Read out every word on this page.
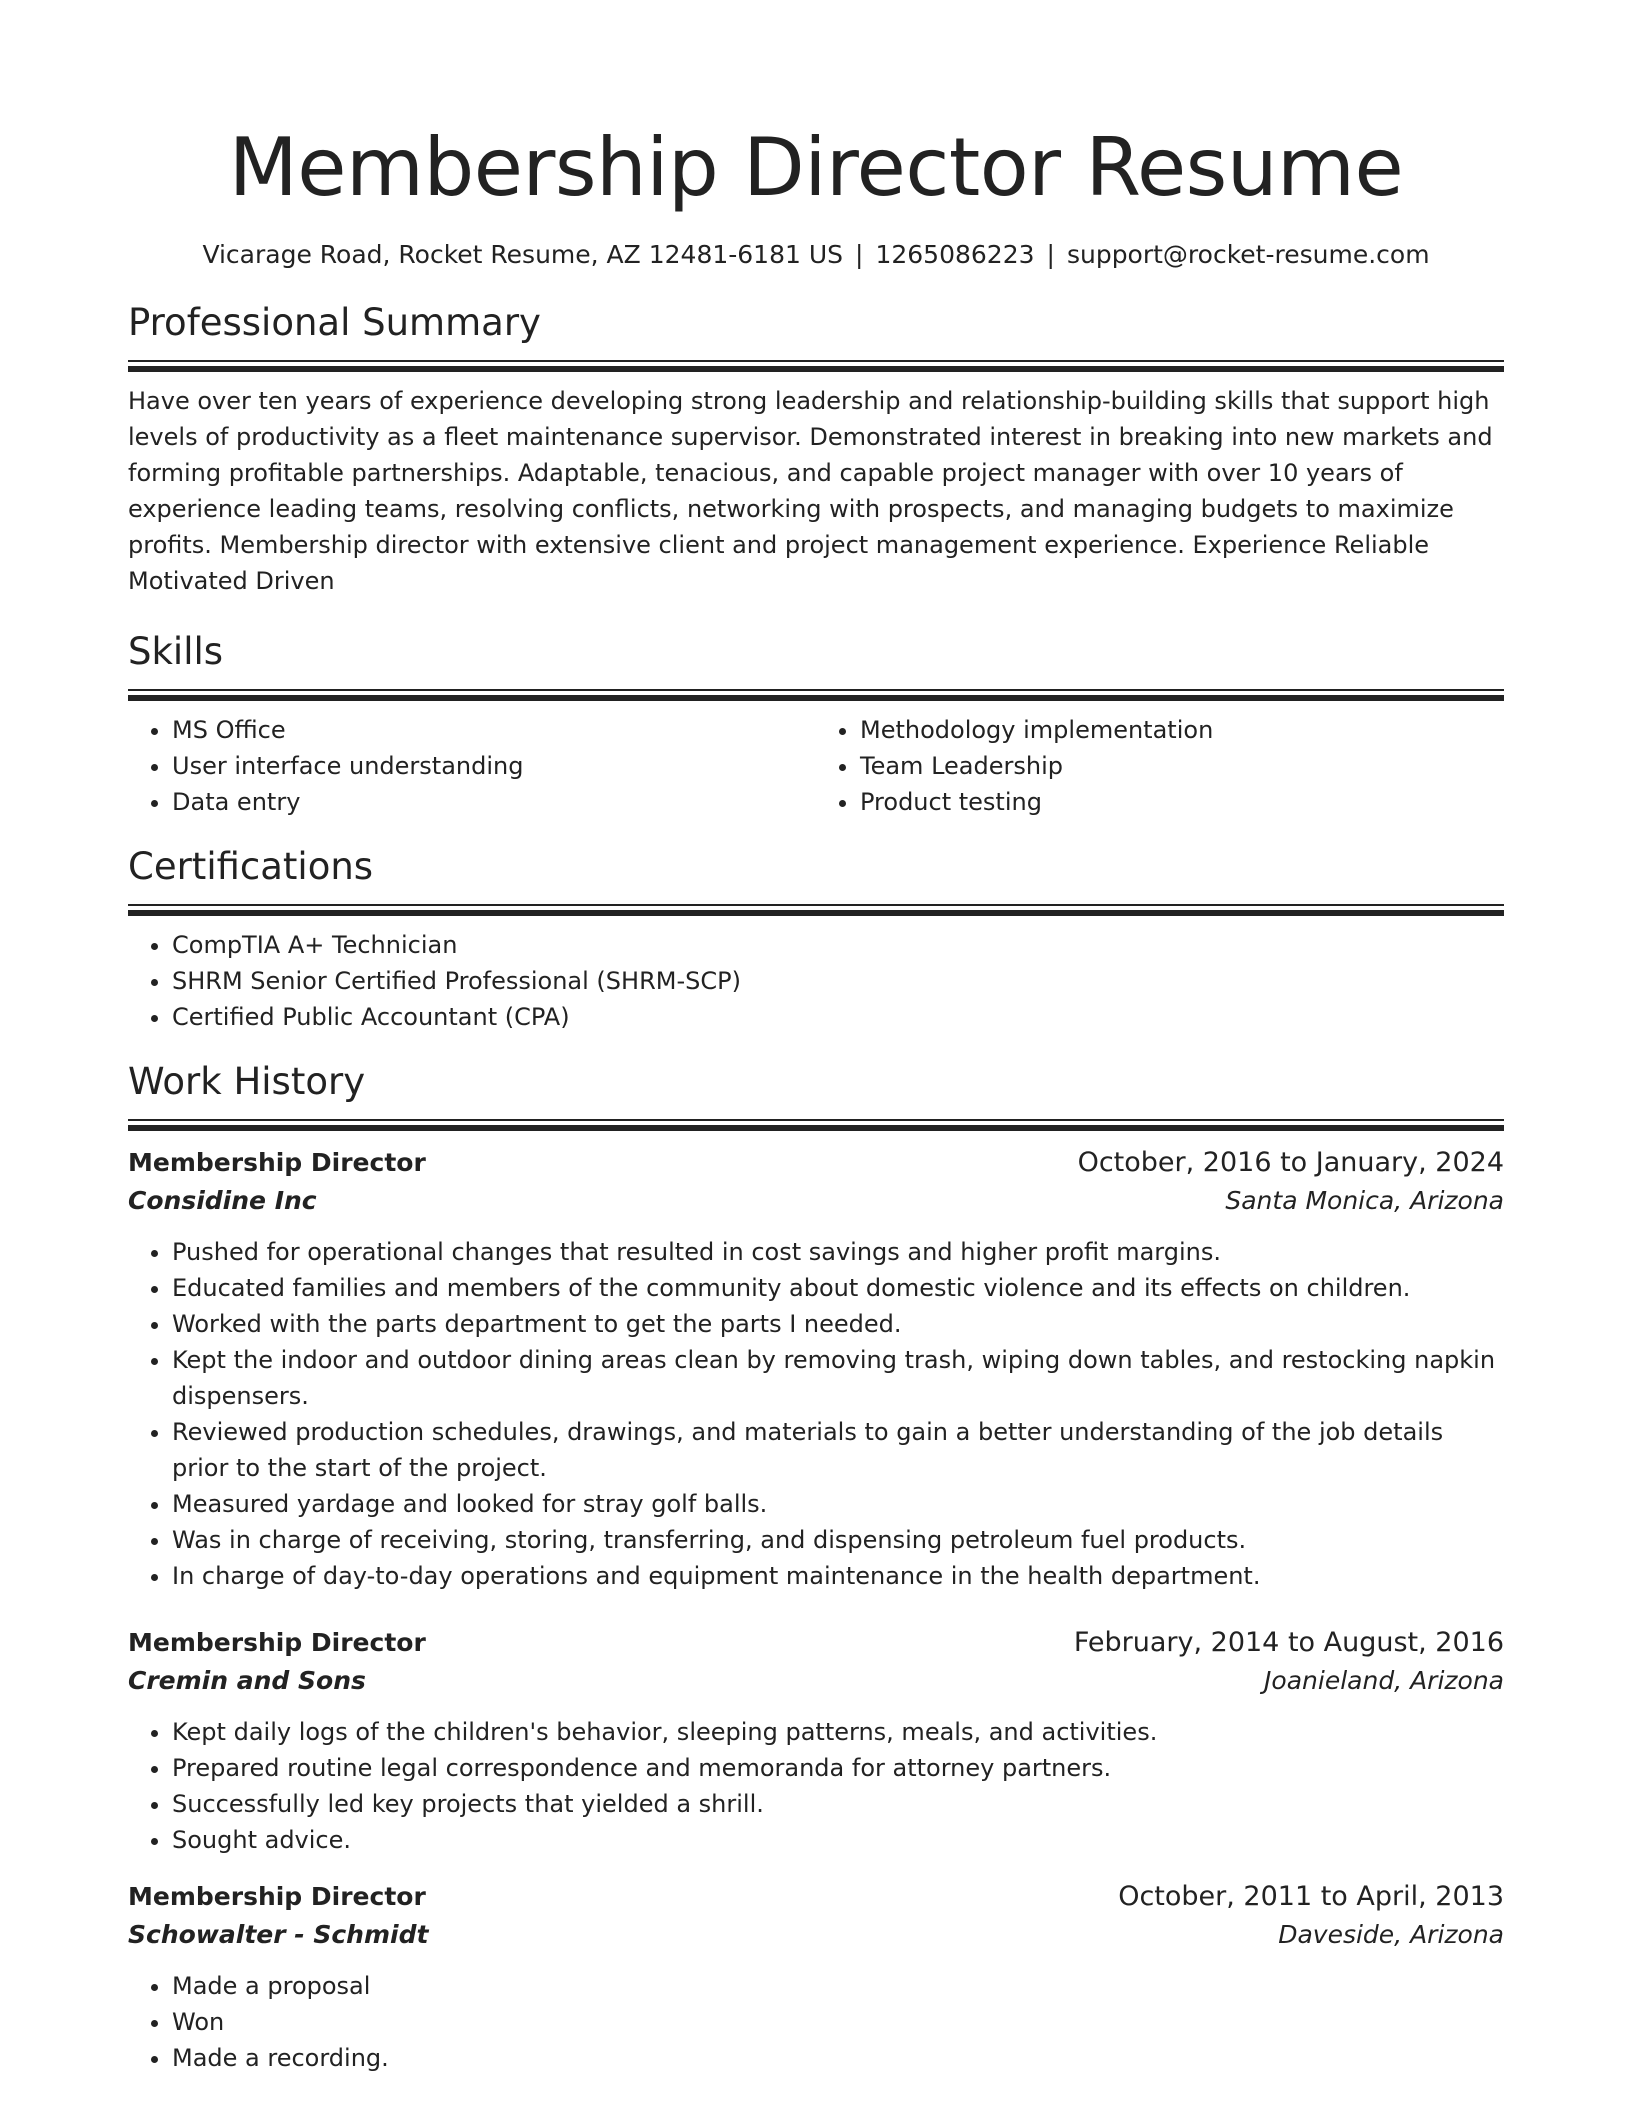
Membership Director Resume
Vicarage Road, Rocket Resume, AZ 12481-6181 US | 1265086223 | support@rocket-resume.com
Professional Summary

Have over ten years of experience developing strong leadership and relationship-building skills that support high levels of productivity as a fleet maintenance supervisor. Demonstrated interest in breaking into new markets and forming profitable partnerships. Adaptable, tenacious, and capable project manager with over 10 years of experience leading teams, resolving conflicts, networking with prospects, and managing budgets to maximize profits. Membership director with extensive client and project management experience. Experience Reliable Motivated Driven

Skills
• MS Office
• User interface understanding
• Data entry
• Methodology implementation
• Team Leadership
• Product testing
Certifications
• CompTIA A+ Technician
• SHRM Senior Certified Professional (SHRM-SCP)
• Certified Public Accountant (CPA)
Work History
Membership Director	October, 2016 to January, 2024
Considine Inc	Santa Monica, Arizona
• Pushed for operational changes that resulted in cost savings and higher profit margins.
• Educated families and members of the community about domestic violence and its effects on children.
• Worked with the parts department to get the parts I needed.
• Kept the indoor and outdoor dining areas clean by removing trash, wiping down tables, and restocking napkin dispensers.
• Reviewed production schedules, drawings, and materials to gain a better understanding of the job details prior to the start of the project.
• Measured yardage and looked for stray golf balls.
• Was in charge of receiving, storing, transferring, and dispensing petroleum fuel products.
• In charge of day-to-day operations and equipment maintenance in the health department.
Membership Director	February, 2014 to August, 2016
Cremin and Sons	Joanieland, Arizona
• Kept daily logs of the children's behavior, sleeping patterns, meals, and activities.
• Prepared routine legal correspondence and memoranda for attorney partners.
• Successfully led key projects that yielded a shrill.
• Sought advice.
Membership Director	October, 2011 to April, 2013
Schowalter - Schmidt	Daveside, Arizona
• Made a proposal
• Won
• Made a recording.
